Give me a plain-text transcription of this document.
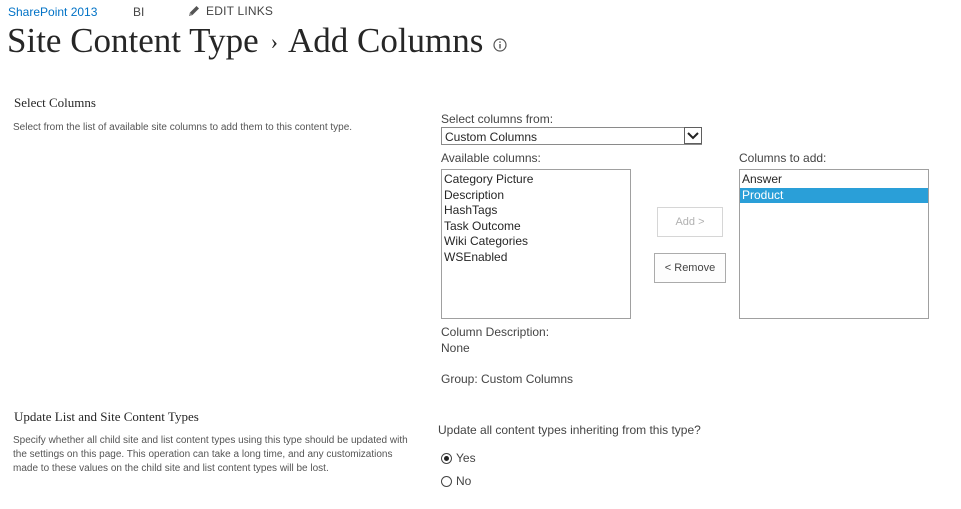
SharePoint 2013	BI	EDIT LINKS
Site Content Type › Add Columns
Select Columns
Select from the list of available site columns to add them to this content type.
Select columns from:
Custom Columns
Available columns:
Category Picture
Description
HashTags
Task Outcome
Wiki Categories
WSEnabled
Add >
< Remove
Columns to add:
Answer
Product
Column Description:
None
Group: Custom Columns
Update List and Site Content Types
Specify whether all child site and list content types using this type should be updated with the settings on this page. This operation can take a long time, and any customizations made to these values on the child site and list content types will be lost.
Update all content types inheriting from this type?
Yes
No
